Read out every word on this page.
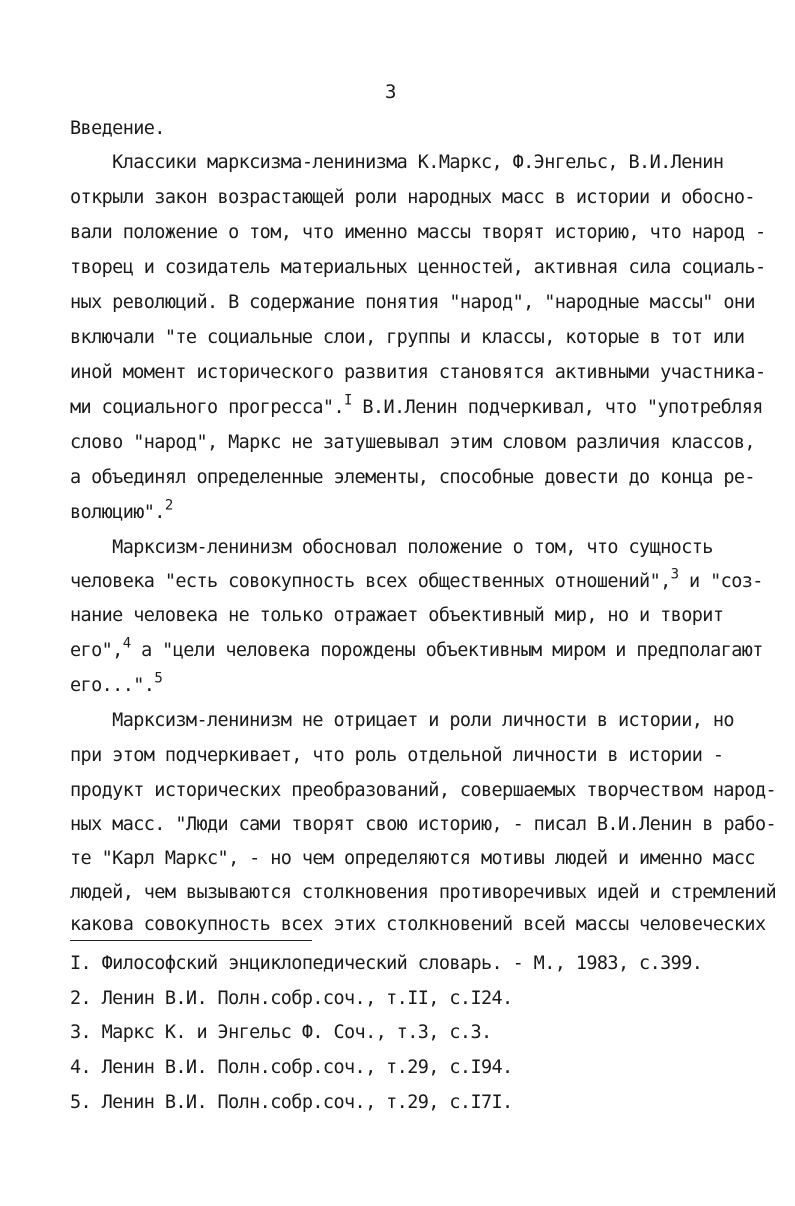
3
Введение.
Классики марксизма-ленинизма К.Маркс, Ф.Энгельс, В.И.Ленин
открыли закон возрастающей роли народных масс в истории и обосно-
вали положение о том, что именно массы творят историю, что народ -
творец и созидатель материальных ценностей, активная сила социаль-
ных революций. В содержание понятия "народ", "народные массы" они
включали "те социальные слои, группы и классы, которые в тот или
иной момент исторического развития становятся активными участника-
ми социального прогресса".$^I$ В.И.Ленин подчеркивал, что "употребляя
слово "народ", Маркс не затушевывал этим словом различия классов,
а объединял определенные элементы, способные довести до конца ре-
волюцию".$^2$
Марксизм-ленинизм обосновал положение о том, что сущность
человека "есть совокупность всех общественных отношений",$^3$ и "соз-
нание человека не только отражает объективный мир, но и творит
его",$^4$ а "цели человека порождены объективным миром и предполагают
его...".$^5$
Марксизм-ленинизм не отрицает и роли личности в истории, но
при этом подчеркивает, что роль отдельной личности в истории -
продукт исторических преобразований, совершаемых творчеством народ-
ных масс. "Люди сами творят свою историю, - писал В.И.Ленин в рабо-
те "Карл Маркс", - но чем определяются мотивы людей и именно масс
людей, чем вызываются столкновения противоречивых идей и стремлений
какова совокупность всех этих столкновений всей массы человеческих
I. Философский энциклопедический словарь. - М., 1983, с.399.
2. Ленин В.И. Полн.собр.соч., т.II, с.I24.
3. Маркс К. и Энгельс Ф. Соч., т.3, с.3.
4. Ленин В.И. Полн.собр.соч., т.29, с.I94.
5. Ленин В.И. Полн.собр.соч., т.29, с.I7I.
